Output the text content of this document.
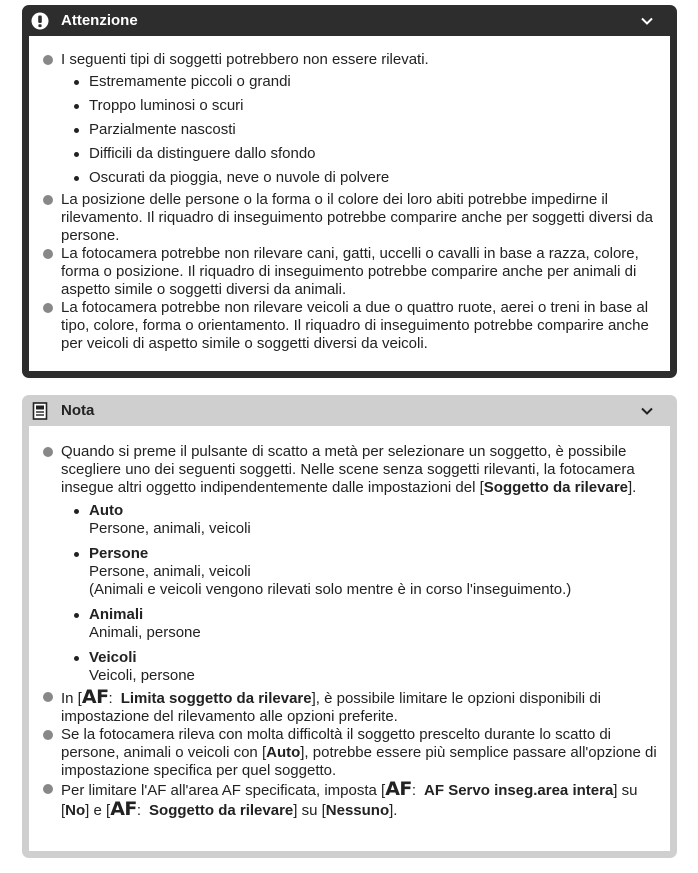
Attenzione
I seguenti tipi di soggetti potrebbero non essere rilevati.
Estremamente piccoli o grandi
Troppo luminosi o scuri
Parzialmente nascosti
Difficili da distinguere dallo sfondo
Oscurati da pioggia, neve o nuvole di polvere
La posizione delle persone o la forma o il colore dei loro abiti potrebbe impedirne il rilevamento. Il riquadro di inseguimento potrebbe comparire anche per soggetti diversi da persone.
La fotocamera potrebbe non rilevare cani, gatti, uccelli o cavalli in base a razza, colore, forma o posizione. Il riquadro di inseguimento potrebbe comparire anche per animali di aspetto simile o soggetti diversi da animali.
La fotocamera potrebbe non rilevare veicoli a due o quattro ruote, aerei o treni in base al tipo, colore, forma o orientamento. Il riquadro di inseguimento potrebbe comparire anche per veicoli di aspetto simile o soggetti diversi da veicoli.
Nota
Quando si preme il pulsante di scatto a metà per selezionare un soggetto, è possibile scegliere uno dei seguenti soggetti. Nelle scene senza soggetti rilevanti, la fotocamera insegue altri oggetto indipendentemente dalle impostazioni del [Soggetto da rilevare].
Auto
Persone, animali, veicoli
Persone
Persone, animali, veicoli
(Animali e veicoli vengono rilevati solo mentre è in corso l'inseguimento.)
Animali
Animali, persone
Veicoli
Veicoli, persone
In [AF: Limita soggetto da rilevare], è possibile limitare le opzioni disponibili di impostazione del rilevamento alle opzioni preferite.
Se la fotocamera rileva con molta difficoltà il soggetto prescelto durante lo scatto di persone, animali o veicoli con [Auto], potrebbe essere più semplice passare all'opzione di impostazione specifica per quel soggetto.
Per limitare l'AF all'area AF specificata, imposta [AF: AF Servo inseg.area intera] su [No] e [AF: Soggetto da rilevare] su [Nessuno].
